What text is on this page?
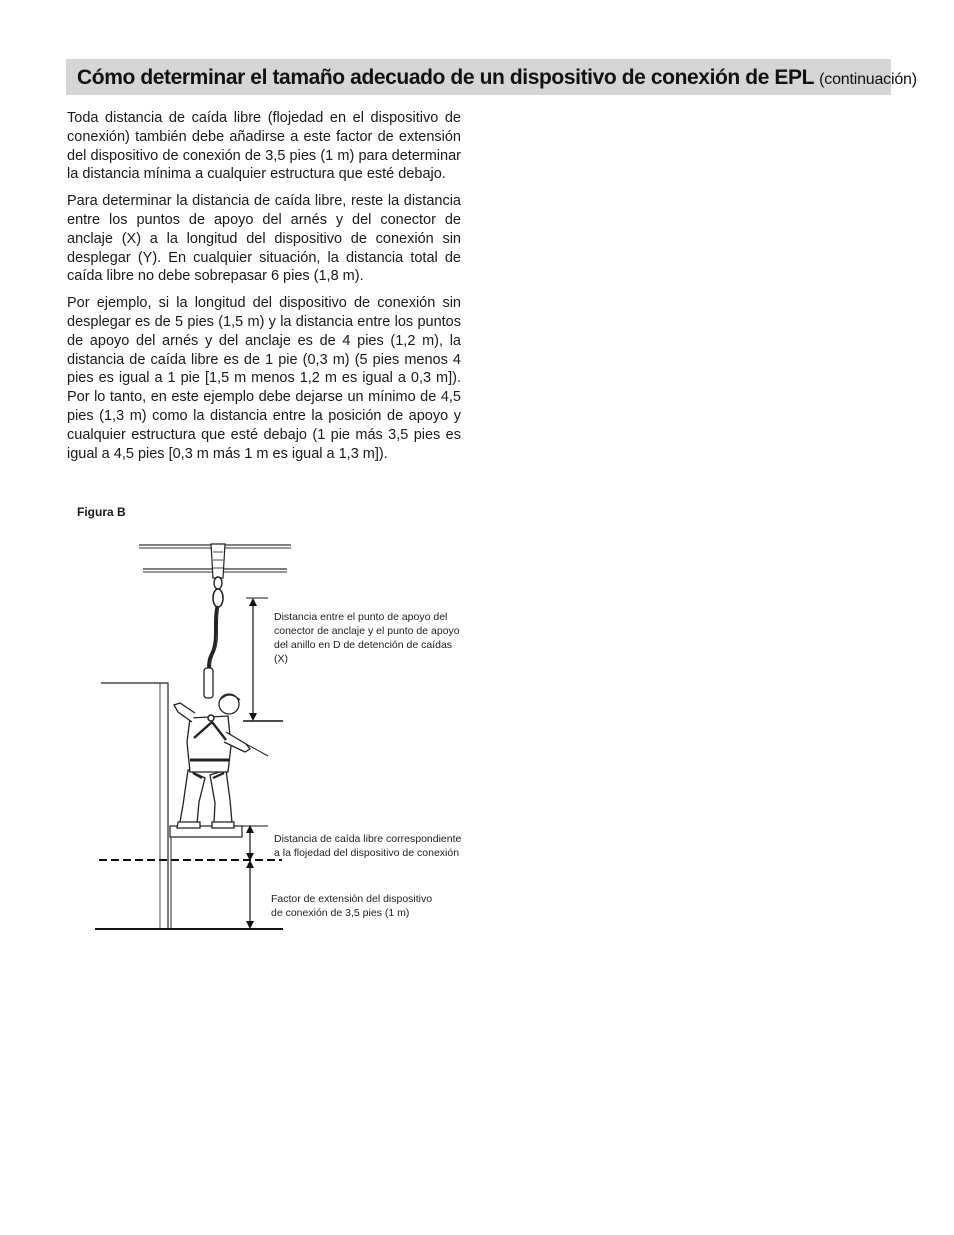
Cómo determinar el tamaño adecuado de un dispositivo de conexión de EPL (continuación)

Toda distancia de caída libre (flojedad en el dispositivo de conexión) también debe añadirse a este factor de extensión del dispositivo de conexión de 3,5 pies (1 m) para determinar la distancia mínima a cualquier estructura que esté debajo.

Para determinar la distancia de caída libre, reste la distancia entre los puntos de apoyo del arnés y del conector de anclaje (X) a la longitud del dispositivo de conexión sin desplegar (Y). En cualquier situación, la distancia total de caída libre no debe sobrepasar 6 pies (1,8 m).

Por ejemplo, si la longitud del dispositivo de conexión sin desplegar es de 5 pies (1,5 m) y la distancia entre los puntos de apoyo del arnés y del anclaje es de 4 pies (1,2 m), la distancia de caída libre es de 1 pie (0,3 m) (5 pies menos 4 pies es igual a 1 pie [1,5 m menos 1,2 m es igual a 0,3 m]). Por lo tanto, en este ejemplo debe dejarse un mínimo de 4,5 pies (1,3 m) como la distancia entre la posición de apoyo y cualquier estructura que esté debajo (1 pie más 3,5 pies es igual a 4,5 pies [0,3 m más 1 m es igual a 1,3 m]).

Figura B
Distancia entre el punto de apoyo del conector de anclaje y el punto de apoyo del anillo en D de detención de caídas (X)
Distancia de caída libre correspondiente a la flojedad del dispositivo de conexión
Factor de extensión del dispositivo de conexión de 3,5 pies (1 m)
